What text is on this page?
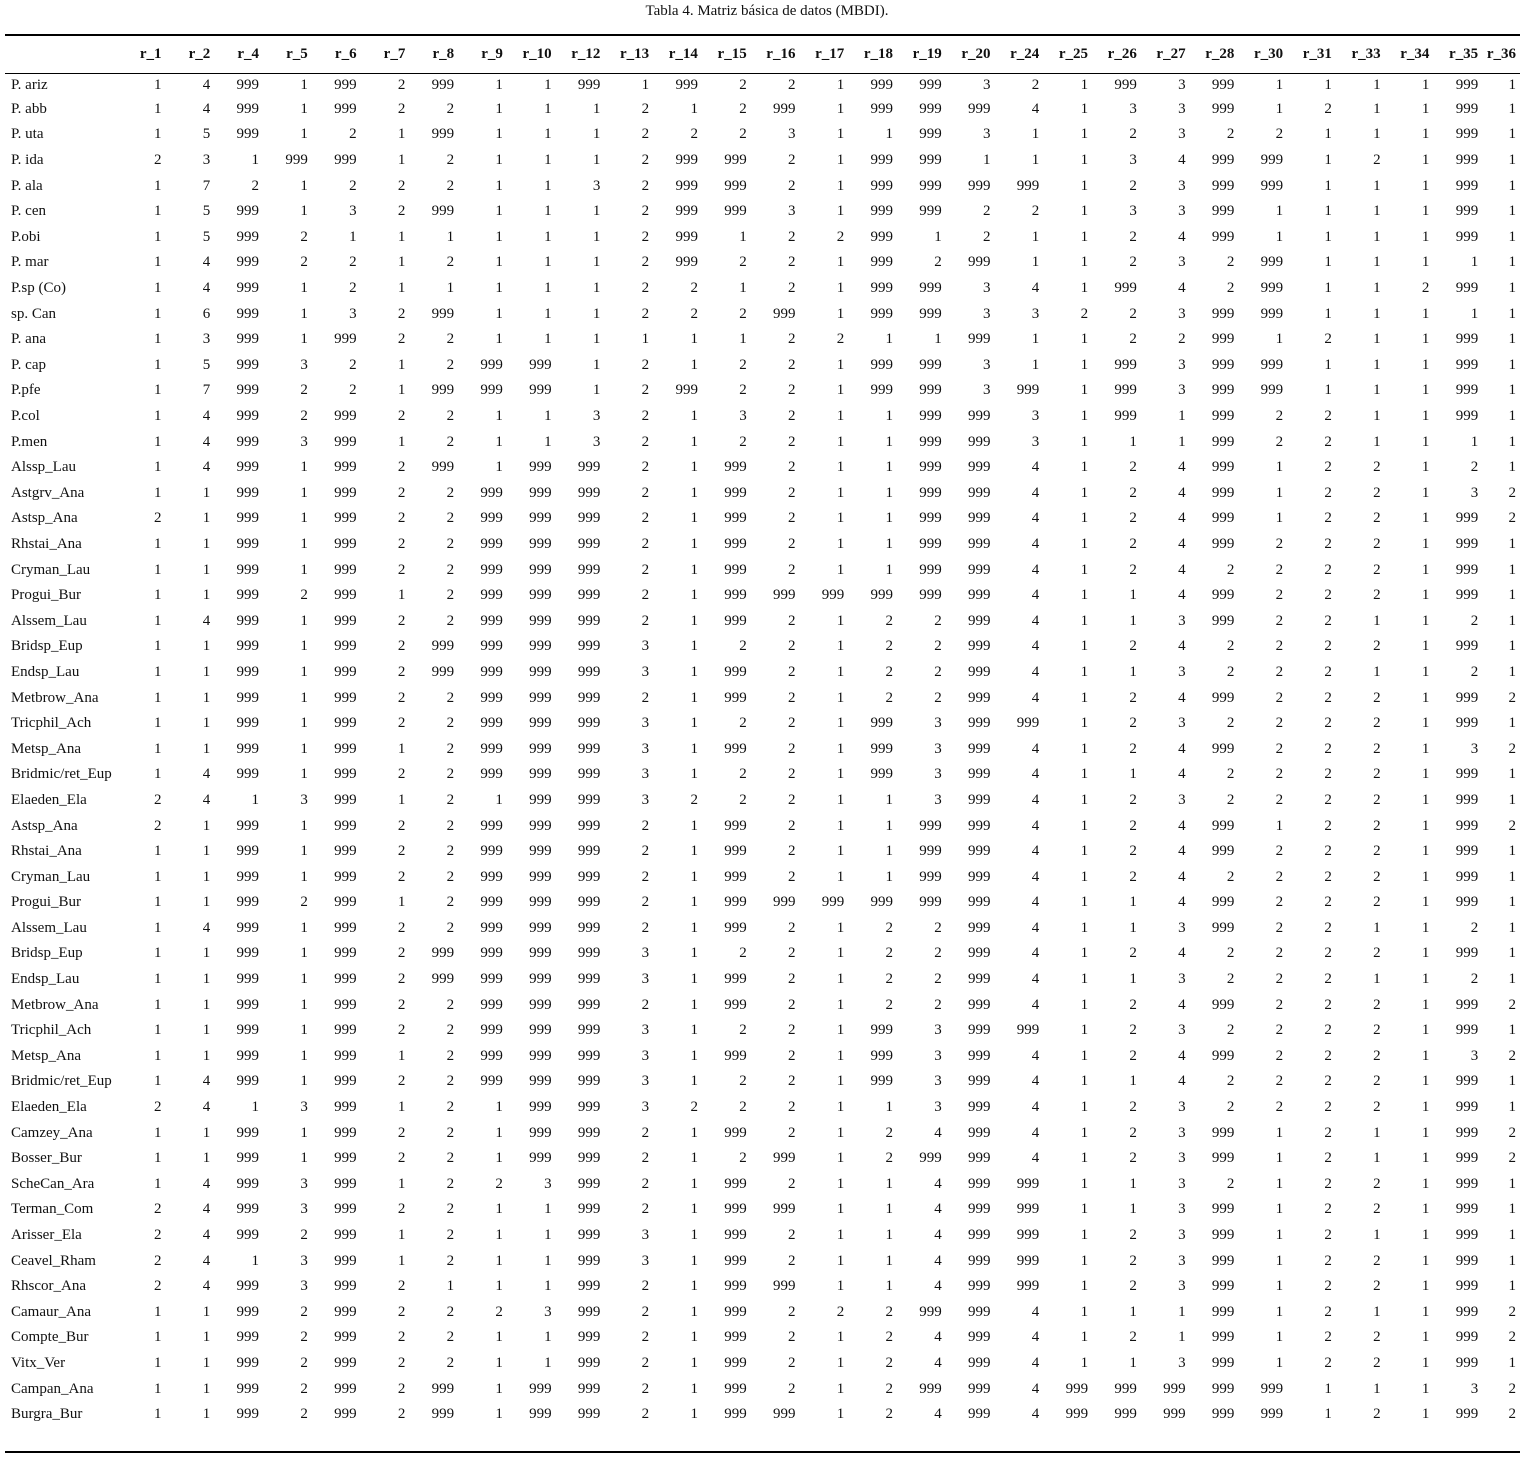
Tabla 4. Matriz básica de datos (MBDI).
	r_1	r_2	r_4	r_5	r_6	r_7	r_8	r_9	r_10	r_12	r_13	r_14	r_15	r_16	r_17	r_18	r_19	r_20	r_24	r_25	r_26	r_27	r_28	r_30	r_31	r_33	r_34	r_35	r_36
P. ariz	1	4	999	1	999	2	999	1	1	999	1	999	2	2	1	999	999	3	2	1	999	3	999	1	1	1	1	999	1
P. abb	1	4	999	1	999	2	2	1	1	1	2	1	2	999	1	999	999	999	4	1	3	3	999	1	2	1	1	999	1
P. uta	1	5	999	1	2	1	999	1	1	1	2	2	2	3	1	1	999	3	1	1	2	3	2	2	1	1	1	999	1
P. ida	2	3	1	999	999	1	2	1	1	1	2	999	999	2	1	999	999	1	1	1	3	4	999	999	1	2	1	999	1
P. ala	1	7	2	1	2	2	2	1	1	3	2	999	999	2	1	999	999	999	999	1	2	3	999	999	1	1	1	999	1
P. cen	1	5	999	1	3	2	999	1	1	1	2	999	999	3	1	999	999	2	2	1	3	3	999	1	1	1	1	999	1
P.obi	1	5	999	2	1	1	1	1	1	1	2	999	1	2	2	999	1	2	1	1	2	4	999	1	1	1	1	999	1
P. mar	1	4	999	2	2	1	2	1	1	1	2	999	2	2	1	999	2	999	1	1	2	3	2	999	1	1	1	1	1
P.sp (Co)	1	4	999	1	2	1	1	1	1	1	2	2	1	2	1	999	999	3	4	1	999	4	2	999	1	1	2	999	1
sp. Can	1	6	999	1	3	2	999	1	1	1	2	2	2	999	1	999	999	3	3	2	2	3	999	999	1	1	1	1	1
P. ana	1	3	999	1	999	2	2	1	1	1	1	1	1	2	2	1	1	999	1	1	2	2	999	1	2	1	1	999	1
P. cap	1	5	999	3	2	1	2	999	999	1	2	1	2	2	1	999	999	3	1	1	999	3	999	999	1	1	1	999	1
P.pfe	1	7	999	2	2	1	999	999	999	1	2	999	2	2	1	999	999	3	999	1	999	3	999	999	1	1	1	999	1
P.col	1	4	999	2	999	2	2	1	1	3	2	1	3	2	1	1	999	999	3	1	999	1	999	2	2	1	1	999	1
P.men	1	4	999	3	999	1	2	1	1	3	2	1	2	2	1	1	999	999	3	1	1	1	999	2	2	1	1	1	1
Alssp_Lau	1	4	999	1	999	2	999	1	999	999	2	1	999	2	1	1	999	999	4	1	2	4	999	1	2	2	1	2	1
Astgrv_Ana	1	1	999	1	999	2	2	999	999	999	2	1	999	2	1	1	999	999	4	1	2	4	999	1	2	2	1	3	2
Astsp_Ana	2	1	999	1	999	2	2	999	999	999	2	1	999	2	1	1	999	999	4	1	2	4	999	1	2	2	1	999	2
Rhstai_Ana	1	1	999	1	999	2	2	999	999	999	2	1	999	2	1	1	999	999	4	1	2	4	999	2	2	2	1	999	1
Cryman_Lau	1	1	999	1	999	2	2	999	999	999	2	1	999	2	1	1	999	999	4	1	2	4	2	2	2	2	1	999	1
Progui_Bur	1	1	999	2	999	1	2	999	999	999	2	1	999	999	999	999	999	999	4	1	1	4	999	2	2	2	1	999	1
Alssem_Lau	1	4	999	1	999	2	2	999	999	999	2	1	999	2	1	2	2	999	4	1	1	3	999	2	2	1	1	2	1
Bridsp_Eup	1	1	999	1	999	2	999	999	999	999	3	1	2	2	1	2	2	999	4	1	2	4	2	2	2	2	1	999	1
Endsp_Lau	1	1	999	1	999	2	999	999	999	999	3	1	999	2	1	2	2	999	4	1	1	3	2	2	2	1	1	2	1
Metbrow_Ana	1	1	999	1	999	2	2	999	999	999	2	1	999	2	1	2	2	999	4	1	2	4	999	2	2	2	1	999	2
Tricphil_Ach	1	1	999	1	999	2	2	999	999	999	3	1	2	2	1	999	3	999	999	1	2	3	2	2	2	2	1	999	1
Metsp_Ana	1	1	999	1	999	1	2	999	999	999	3	1	999	2	1	999	3	999	4	1	2	4	999	2	2	2	1	3	2
Bridmic/ret_Eup	1	4	999	1	999	2	2	999	999	999	3	1	2	2	1	999	3	999	4	1	1	4	2	2	2	2	1	999	1
Elaeden_Ela	2	4	1	3	999	1	2	1	999	999	3	2	2	2	1	1	3	999	4	1	2	3	2	2	2	2	1	999	1
Astsp_Ana	2	1	999	1	999	2	2	999	999	999	2	1	999	2	1	1	999	999	4	1	2	4	999	1	2	2	1	999	2
Rhstai_Ana	1	1	999	1	999	2	2	999	999	999	2	1	999	2	1	1	999	999	4	1	2	4	999	2	2	2	1	999	1
Cryman_Lau	1	1	999	1	999	2	2	999	999	999	2	1	999	2	1	1	999	999	4	1	2	4	2	2	2	2	1	999	1
Progui_Bur	1	1	999	2	999	1	2	999	999	999	2	1	999	999	999	999	999	999	4	1	1	4	999	2	2	2	1	999	1
Alssem_Lau	1	4	999	1	999	2	2	999	999	999	2	1	999	2	1	2	2	999	4	1	1	3	999	2	2	1	1	2	1
Bridsp_Eup	1	1	999	1	999	2	999	999	999	999	3	1	2	2	1	2	2	999	4	1	2	4	2	2	2	2	1	999	1
Endsp_Lau	1	1	999	1	999	2	999	999	999	999	3	1	999	2	1	2	2	999	4	1	1	3	2	2	2	1	1	2	1
Metbrow_Ana	1	1	999	1	999	2	2	999	999	999	2	1	999	2	1	2	2	999	4	1	2	4	999	2	2	2	1	999	2
Tricphil_Ach	1	1	999	1	999	2	2	999	999	999	3	1	2	2	1	999	3	999	999	1	2	3	2	2	2	2	1	999	1
Metsp_Ana	1	1	999	1	999	1	2	999	999	999	3	1	999	2	1	999	3	999	4	1	2	4	999	2	2	2	1	3	2
Bridmic/ret_Eup	1	4	999	1	999	2	2	999	999	999	3	1	2	2	1	999	3	999	4	1	1	4	2	2	2	2	1	999	1
Elaeden_Ela	2	4	1	3	999	1	2	1	999	999	3	2	2	2	1	1	3	999	4	1	2	3	2	2	2	2	1	999	1
Camzey_Ana	1	1	999	1	999	2	2	1	999	999	2	1	999	2	1	2	4	999	4	1	2	3	999	1	2	1	1	999	2
Bosser_Bur	1	1	999	1	999	2	2	1	999	999	2	1	2	999	1	2	999	999	4	1	2	3	999	1	2	1	1	999	2
ScheCan_Ara	1	4	999	3	999	1	2	2	3	999	2	1	999	2	1	1	4	999	999	1	1	3	2	1	2	2	1	999	1
Terman_Com	2	4	999	3	999	2	2	1	1	999	2	1	999	999	1	1	4	999	999	1	1	3	999	1	2	2	1	999	1
Arisser_Ela	2	4	999	2	999	1	2	1	1	999	3	1	999	2	1	1	4	999	999	1	2	3	999	1	2	1	1	999	1
Ceavel_Rham	2	4	1	3	999	1	2	1	1	999	3	1	999	2	1	1	4	999	999	1	2	3	999	1	2	2	1	999	1
Rhscor_Ana	2	4	999	3	999	2	1	1	1	999	2	1	999	999	1	1	4	999	999	1	2	3	999	1	2	2	1	999	1
Camaur_Ana	1	1	999	2	999	2	2	2	3	999	2	1	999	2	2	2	999	999	4	1	1	1	999	1	2	1	1	999	2
Compte_Bur	1	1	999	2	999	2	2	1	1	999	2	1	999	2	1	2	4	999	4	1	2	1	999	1	2	2	1	999	2
Vitx_Ver	1	1	999	2	999	2	2	1	1	999	2	1	999	2	1	2	4	999	4	1	1	3	999	1	2	2	1	999	1
Campan_Ana	1	1	999	2	999	2	999	1	999	999	2	1	999	2	1	2	999	999	4	999	999	999	999	999	1	1	1	3	2
Burgra_Bur	1	1	999	2	999	2	999	1	999	999	2	1	999	999	1	2	4	999	4	999	999	999	999	999	1	2	1	999	2
